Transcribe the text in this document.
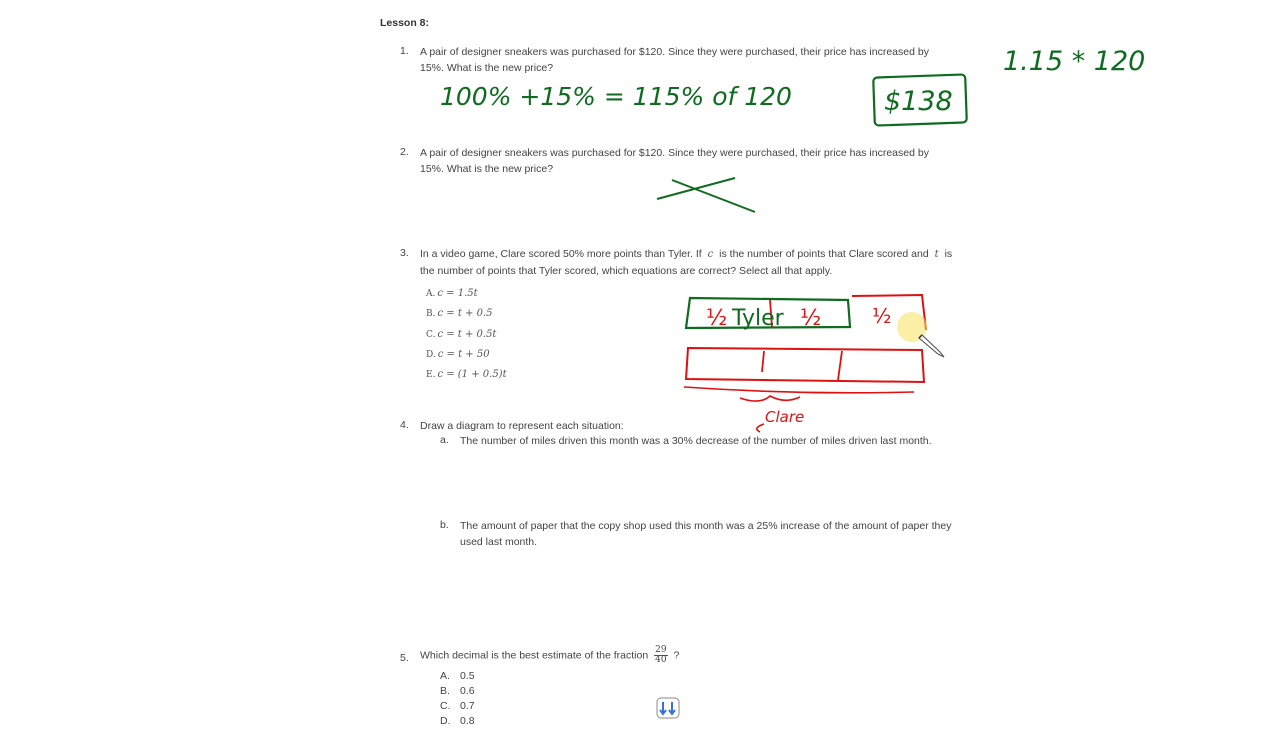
Lesson 8:
1. A pair of designer sneakers was purchased for $120. Since they were purchased, their price has increased by
15%. What is the new price?
2. A pair of designer sneakers was purchased for $120. Since they were purchased, their price has increased by
15%. What is the new price?
3. In a video game, Clare scored 50% more points than Tyler. If c is the number of points that Clare scored and t is
the number of points that Tyler scored, which equations are correct? Select all that apply.
A. c = 1.5t
B. c = t + 0.5
C. c = t + 0.5t
D. c = t + 50
E. c = (1 + 0.5)t
4. Draw a diagram to represent each situation:
a. The number of miles driven this month was a 30% decrease of the number of miles driven last month.
b. The amount of paper that the copy shop used this month was a 25% increase of the amount of paper they
used last month.
5. Which decimal is the best estimate of the fraction $\frac{29}{40}$ ?
A. 0.5
B. 0.6
C. 0.7
D. 0.8
100% +15% = 115% of 120	$138
1.15 * 120
½ Tyler ½	½
Clare
